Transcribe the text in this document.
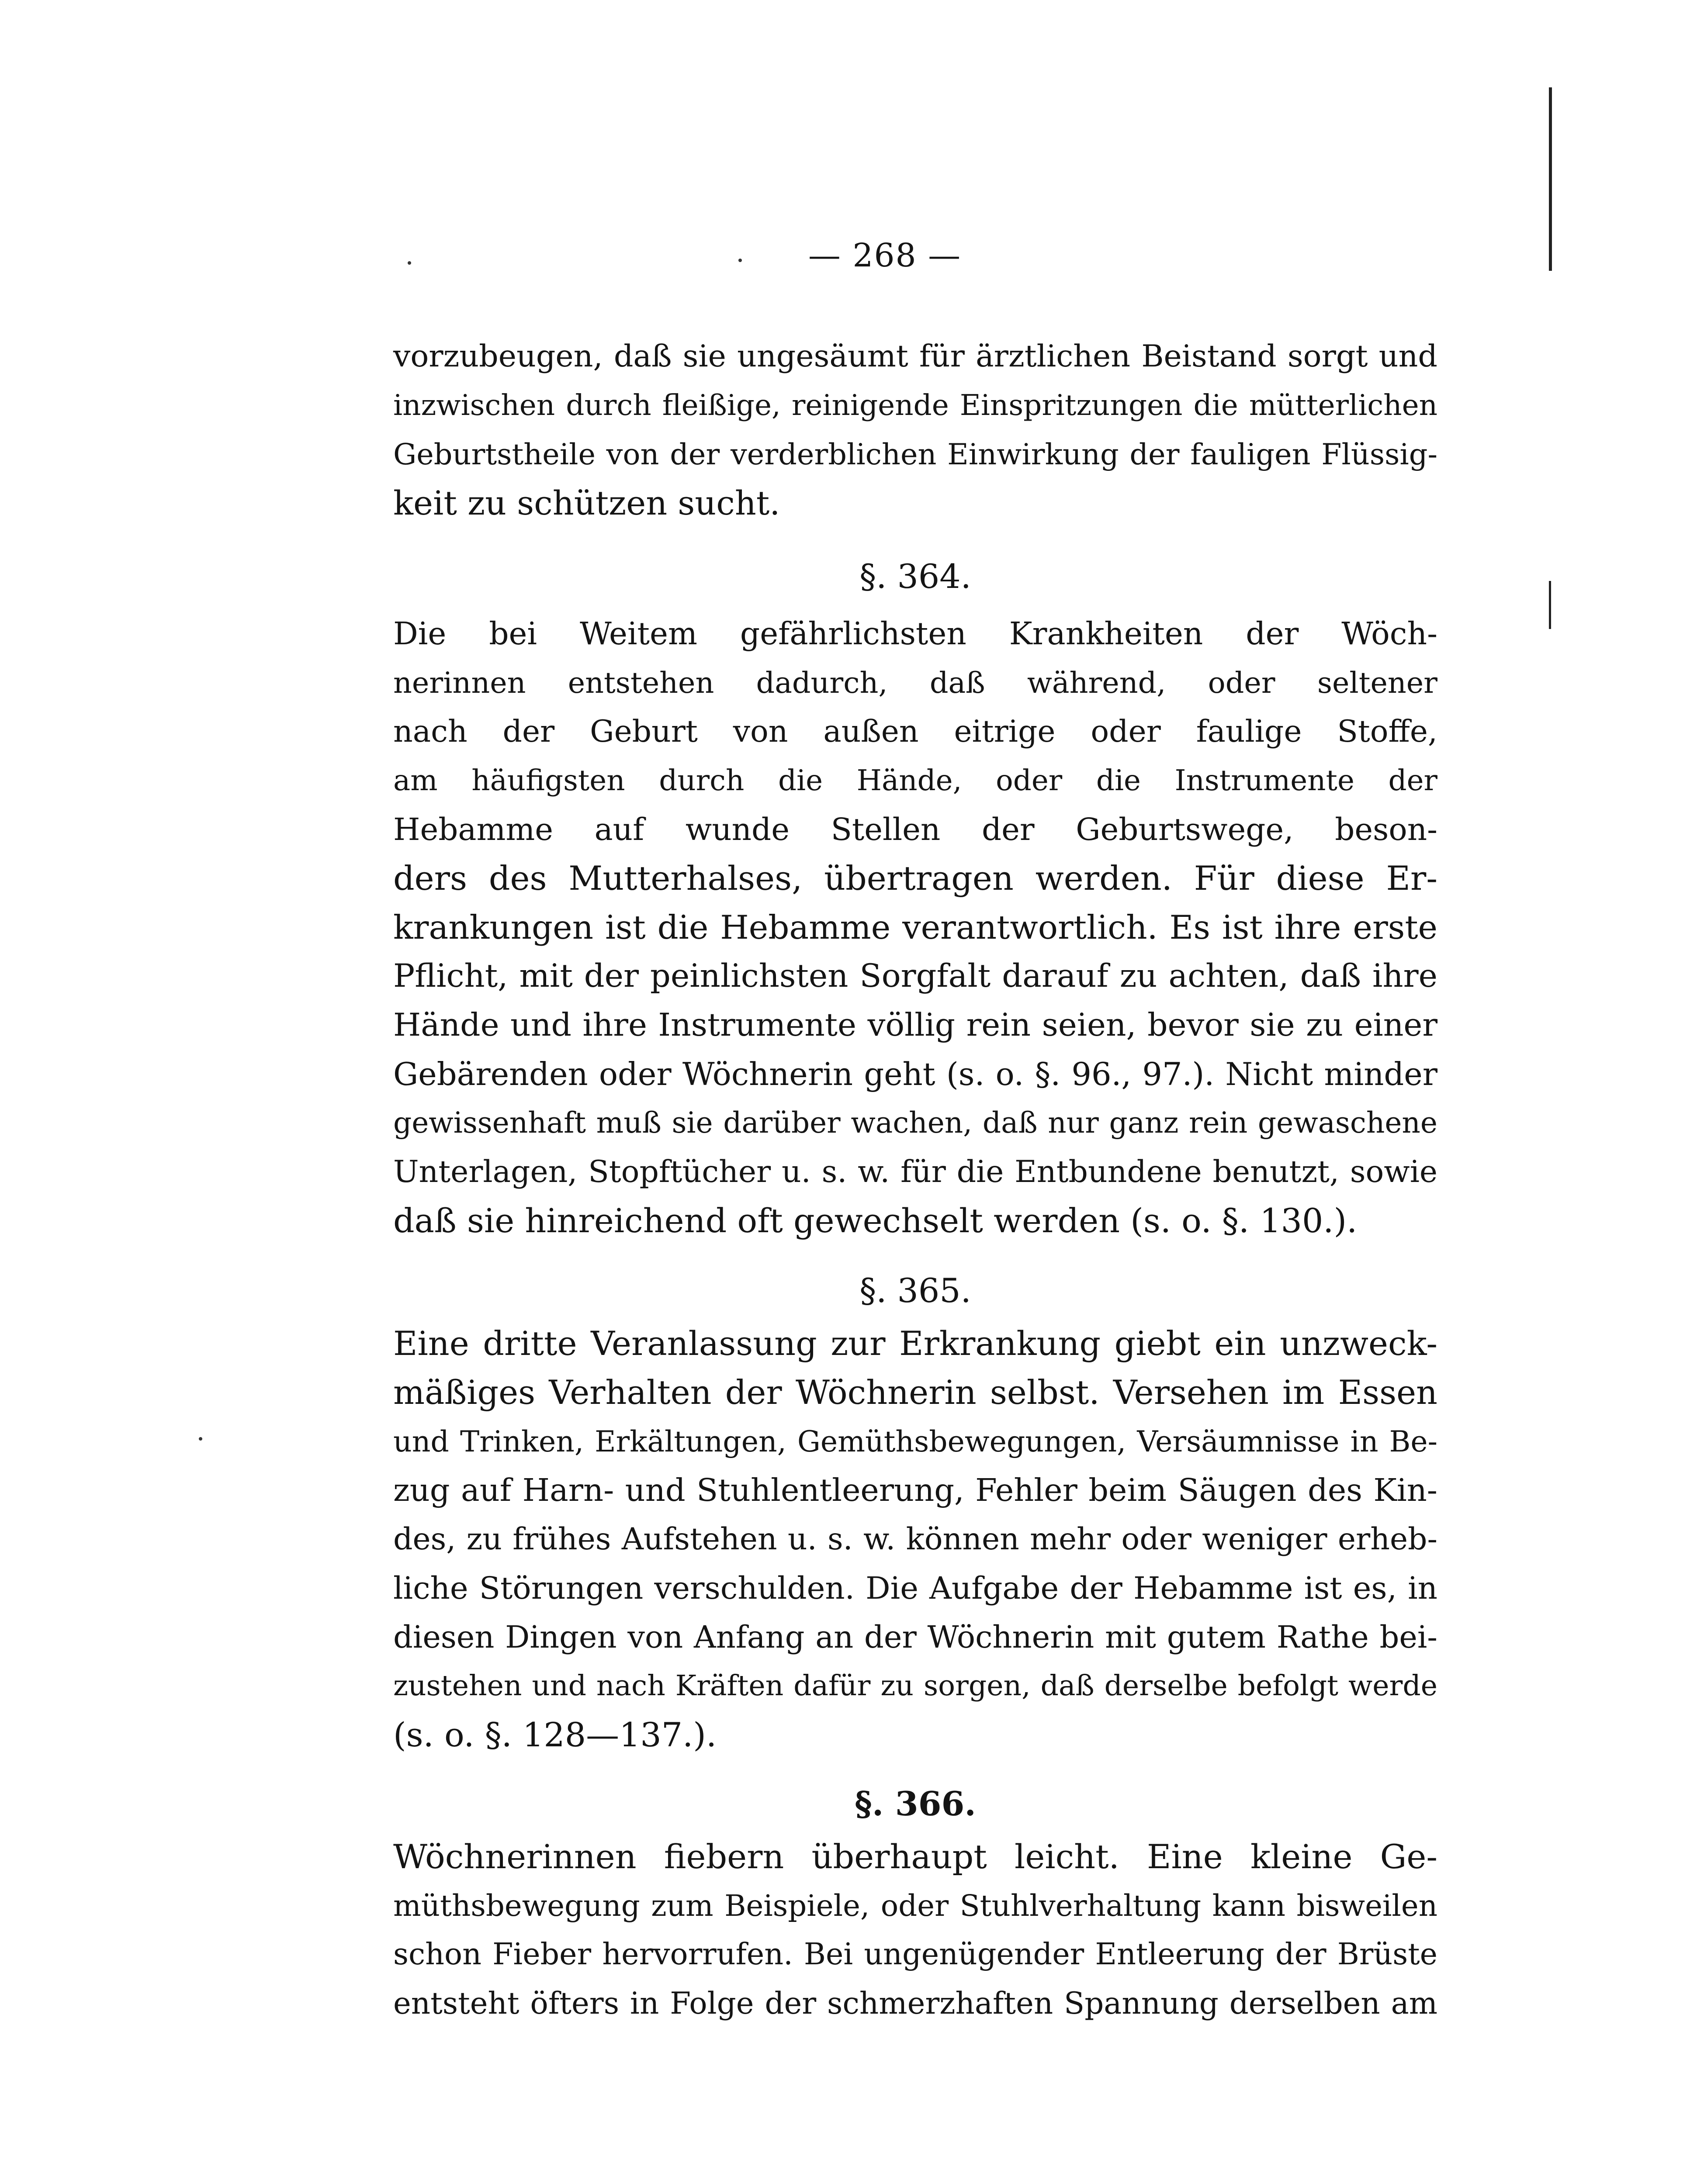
— 268 —
vorzubeugen, daß sie ungesäumt für ärztlichen Beistand sorgt und
inzwischen durch fleißige, reinigende Einspritzungen die mütterlichen
Geburtstheile von der verderblichen Einwirkung der fauligen Flüssig-
keit zu schützen sucht.
§. 364.
Die bei Weitem gefährlichsten Krankheiten der Wöch-
nerinnen entstehen dadurch, daß während, oder seltener
nach der Geburt von außen eitrige oder faulige Stoffe,
am häufigsten durch die Hände, oder die Instrumente der
Hebamme auf wunde Stellen der Geburtswege, beson-
ders des Mutterhalses, übertragen werden. Für diese Er-
krankungen ist die Hebamme verantwortlich. Es ist ihre erste
Pflicht, mit der peinlichsten Sorgfalt darauf zu achten, daß ihre
Hände und ihre Instrumente völlig rein seien, bevor sie zu einer
Gebärenden oder Wöchnerin geht (s. o. §. 96., 97.). Nicht minder
gewissenhaft muß sie darüber wachen, daß nur ganz rein gewaschene
Unterlagen, Stopftücher u. s. w. für die Entbundene benutzt, sowie
daß sie hinreichend oft gewechselt werden (s. o. §. 130.).
§. 365.
Eine dritte Veranlassung zur Erkrankung giebt ein unzweck-
mäßiges Verhalten der Wöchnerin selbst. Versehen im Essen
und Trinken, Erkältungen, Gemüthsbewegungen, Versäumnisse in Be-
zug auf Harn- und Stuhlentleerung, Fehler beim Säugen des Kin-
des, zu frühes Aufstehen u. s. w. können mehr oder weniger erheb-
liche Störungen verschulden. Die Aufgabe der Hebamme ist es, in
diesen Dingen von Anfang an der Wöchnerin mit gutem Rathe bei-
zustehen und nach Kräften dafür zu sorgen, daß derselbe befolgt werde
(s. o. §. 128—137.).
§. 366.
Wöchnerinnen fiebern überhaupt leicht. Eine kleine Ge-
müthsbewegung zum Beispiele, oder Stuhlverhaltung kann bisweilen
schon Fieber hervorrufen. Bei ungenügender Entleerung der Brüste
entsteht öfters in Folge der schmerzhaften Spannung derselben am
